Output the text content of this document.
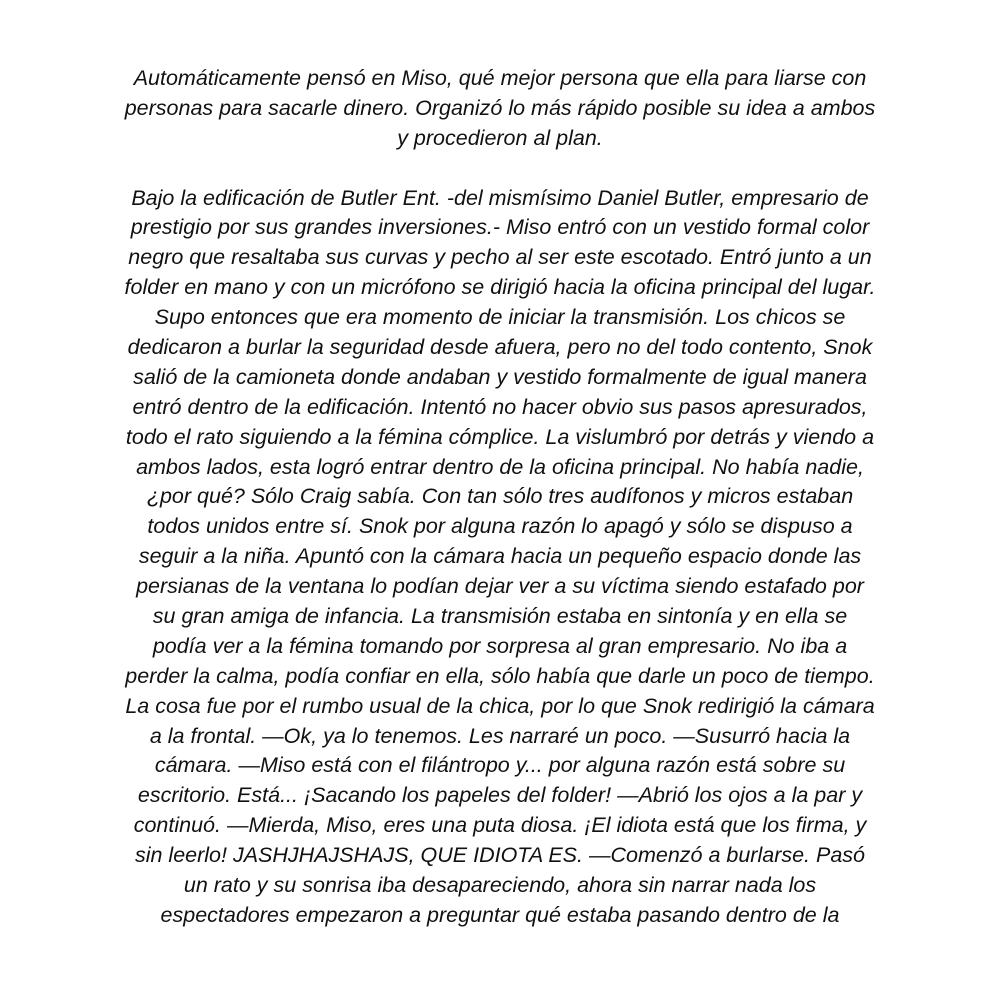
Automáticamente pensó en Miso, qué mejor persona que ella para liarse con
personas para sacarle dinero. Organizó lo más rápido posible su idea a ambos
y procedieron al plan.
Bajo la edificación de Butler Ent. -del mismísimo Daniel Butler, empresario de
prestigio por sus grandes inversiones.- Miso entró con un vestido formal color
negro que resaltaba sus curvas y pecho al ser este escotado. Entró junto a un
folder en mano y con un micrófono se dirigió hacia la oficina principal del lugar.
Supo entonces que era momento de iniciar la transmisión. Los chicos se
dedicaron a burlar la seguridad desde afuera, pero no del todo contento, Snok
salió de la camioneta donde andaban y vestido formalmente de igual manera
entró dentro de la edificación. Intentó no hacer obvio sus pasos apresurados,
todo el rato siguiendo a la fémina cómplice. La vislumbró por detrás y viendo a
ambos lados, esta logró entrar dentro de la oficina principal. No había nadie,
¿por qué? Sólo Craig sabía. Con tan sólo tres audífonos y micros estaban
todos unidos entre sí. Snok por alguna razón lo apagó y sólo se dispuso a
seguir a la niña. Apuntó con la cámara hacia un pequeño espacio donde las
persianas de la ventana lo podían dejar ver a su víctima siendo estafado por
su gran amiga de infancia. La transmisión estaba en sintonía y en ella se
podía ver a la fémina tomando por sorpresa al gran empresario. No iba a
perder la calma, podía confiar en ella, sólo había que darle un poco de tiempo.
La cosa fue por el rumbo usual de la chica, por lo que Snok redirigió la cámara
a la frontal. —Ok, ya lo tenemos. Les narraré un poco. —Susurró hacia la
cámara. —Miso está con el filántropo y... por alguna razón está sobre su
escritorio. Está... ¡Sacando los papeles del folder! —Abrió los ojos a la par y
continuó. —Mierda, Miso, eres una puta diosa. ¡El idiota está que los firma, y
sin leerlo! JASHJHAJSHAJS, QUE IDIOTA ES. —Comenzó a burlarse. Pasó
un rato y su sonrisa iba desapareciendo, ahora sin narrar nada los
espectadores empezaron a preguntar qué estaba pasando dentro de la
